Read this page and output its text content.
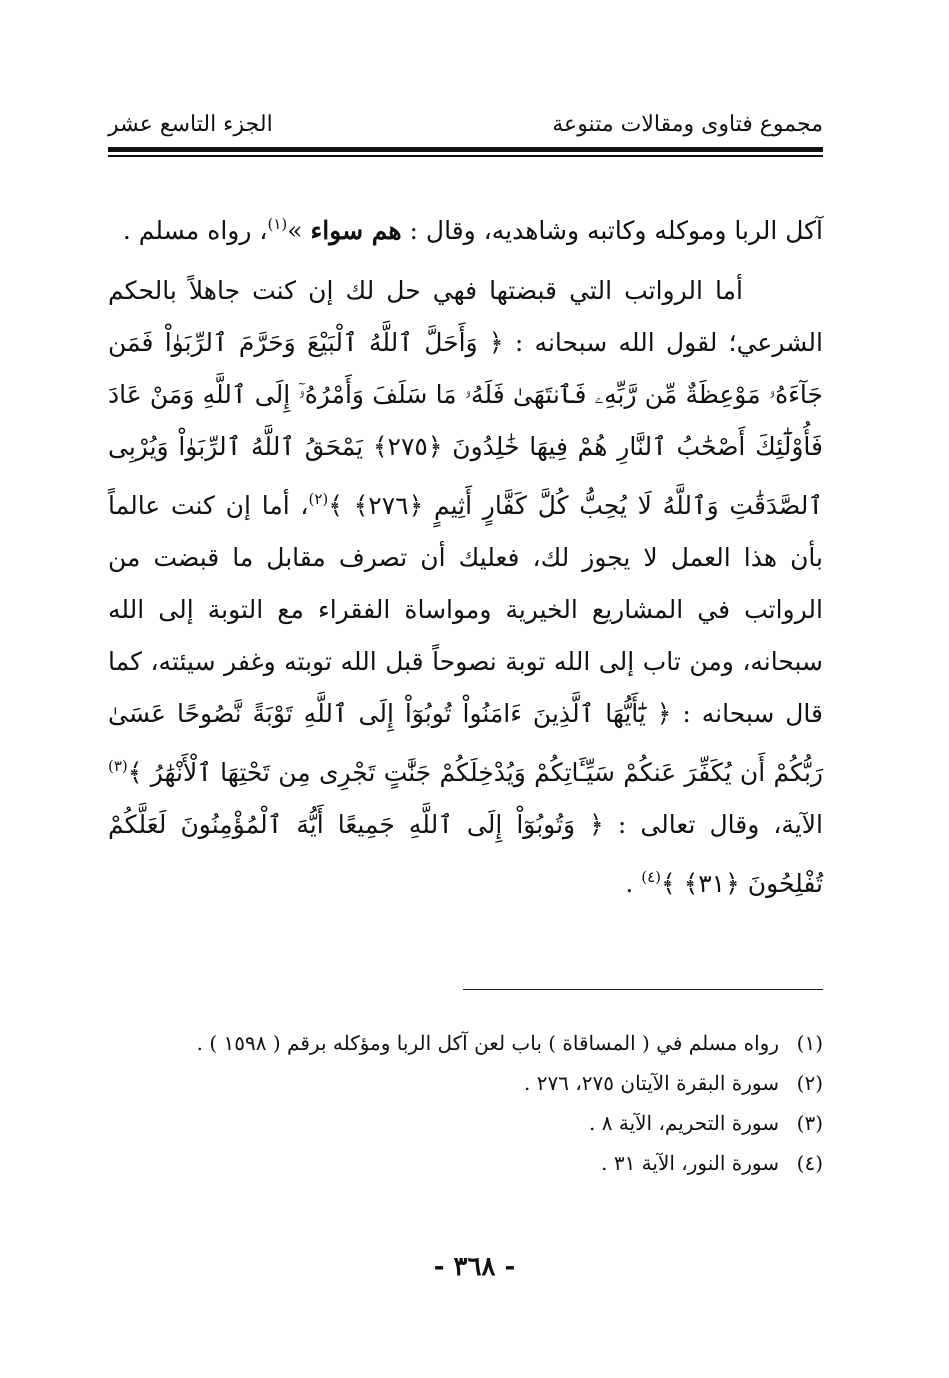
مجموع فتاوى ومقالات متنوعة
الجزء التاسع عشر

آكل الربا وموكله وكاتبه وشاهديه، وقال : هم سواء »$^{(١)}$، رواه مسلم .

أما الرواتب التي قبضتها فهي حل لك إن كنت جاهلاً بالحكم الشرعي؛ لقول الله سبحانه : ﴿ وَأَحَلَّ ٱللَّهُ ٱلْبَيْعَ وَحَرَّمَ ٱلرِّبَوٰاْ فَمَن جَآءَهُۥ مَوْعِظَةٌ مِّن رَّبِّهِۦ فَٱنتَهَىٰ فَلَهُۥ مَا سَلَفَ وَأَمْرُهُۥٓ إِلَى ٱللَّهِ وَمَنْ عَادَ فَأُوْلَٰٓئِكَ أَصْحَٰبُ ٱلنَّارِ هُمْ فِيهَا خَٰلِدُونَ ﴿٢٧٥﴾ يَمْحَقُ ٱللَّهُ ٱلرِّبَوٰاْ وَيُرْبِى ٱلصَّدَقَٰتِ وَٱللَّهُ لَا يُحِبُّ كُلَّ كَفَّارٍ أَثِيمٍ ﴿٢٧٦﴾ ﴾$^{(٢)}$، أما إن كنت عالماً بأن هذا العمل لا يجوز لك، فعليك أن تصرف مقابل ما قبضت من الرواتب في المشاريع الخيرية ومواساة الفقراء مع التوبة إلى الله سبحانه، ومن تاب إلى الله توبة نصوحاً قبل الله توبته وغفر سيئته، كما قال سبحانه : ﴿ يَٰٓأَيُّهَا ٱلَّذِينَ ءَامَنُواْ تُوبُوٓاْ إِلَى ٱللَّهِ تَوْبَةً نَّصُوحًا عَسَىٰ رَبُّكُمْ أَن يُكَفِّرَ عَنكُمْ سَيِّـَٔاتِكُمْ وَيُدْخِلَكُمْ جَنَّٰتٍ تَجْرِى مِن تَحْتِهَا ٱلْأَنْهَٰرُ ﴾$^{(٣)}$ الآية، وقال تعالى : ﴿ وَتُوبُوٓاْ إِلَى ٱللَّهِ جَمِيعًا أَيُّهَ ٱلْمُؤْمِنُونَ لَعَلَّكُمْ تُفْلِحُونَ ﴿٣١﴾ ﴾$^{(٤)}$ .

(١)
رواه مسلم في ( المساقاة ) باب لعن آكل الربا ومؤكله برقم ( ١٥٩٨ ) .
(٢)
سورة البقرة الآيتان ٢٧٥، ٢٧٦ .
(٣)
سورة التحريم، الآية ٨ .
(٤)
سورة النور، الآية ٣١ .
- ٣٦٨ -
